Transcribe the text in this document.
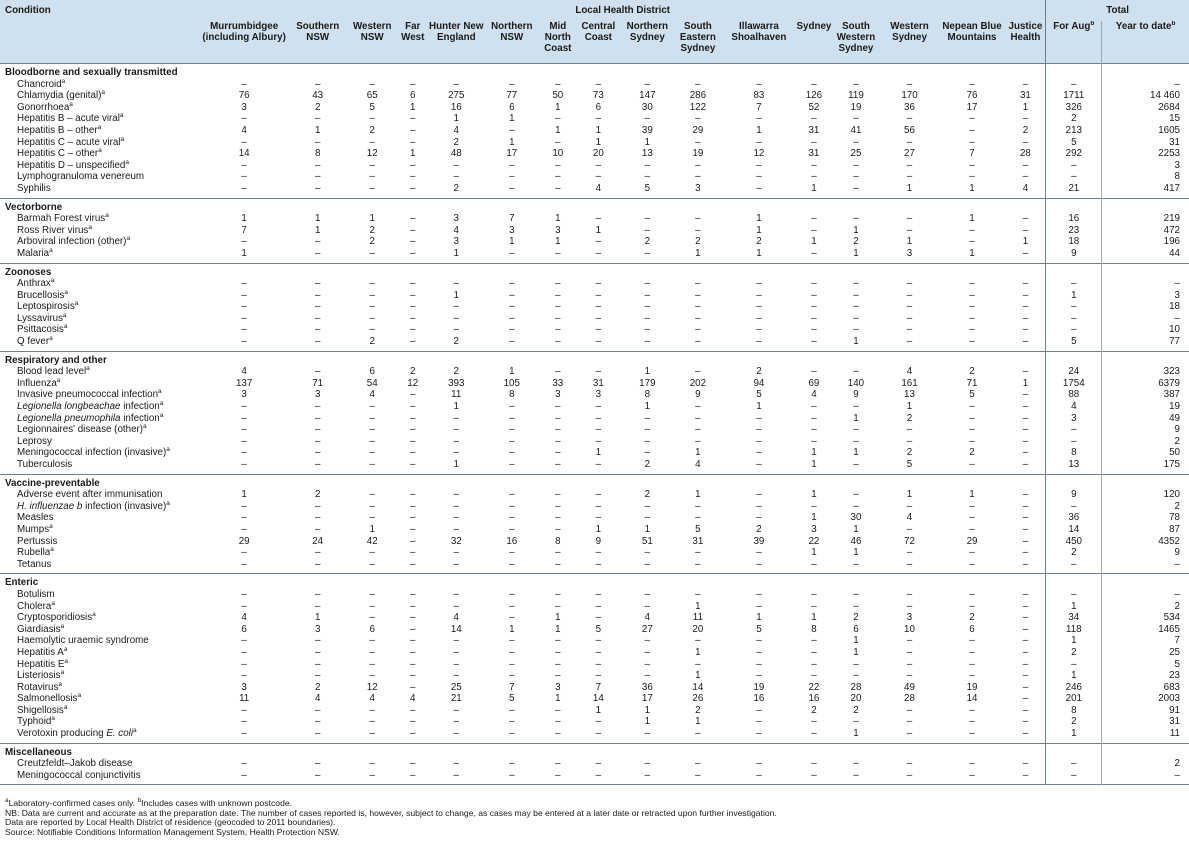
Condition	Local Health District																Total	
	Murrumbidgee (including Albury)	Southern NSW	Western NSW	Far West	Hunter New England	Northern NSW	Mid North Coast	Central Coast	Northern Sydney	South Eastern Sydney	Illawarra Shoalhaven	Sydney	South Western Sydney	Western Sydney	Nepean Blue Mountains	Justice Health	For Aug$^b$	Year to date$^b$
Bloodborne and sexually transmitted																		
Chancroid$^a$	–	–	–	–	–	–	–	–	–	–	–	–	–	–	–	–	–	–
Chlamydia (genital)$^a$	76	43	65	6	275	77	50	73	147	286	83	126	119	170	76	31	1711	14 460
Gonorrhoea$^a$	3	2	5	1	16	6	1	6	30	122	7	52	19	36	17	1	326	2684
Hepatitis B – acute viral$^a$	–	–	–	–	1	1	–	–	–	–	–	–	–	–	–	–	2	15
Hepatitis B – other$^a$	4	1	2	–	4	–	1	1	39	29	1	31	41	56	–	2	213	1605
Hepatitis C – acute viral$^a$	–	–	–	–	2	1	–	1	1	–	–	–	–	–	–	–	5	31
Hepatitis C – other$^a$	14	8	12	1	48	17	10	20	13	19	12	31	25	27	7	28	292	2253
Hepatitis D – unspecified$^a$	–	–	–	–	–	–	–	–	–	–	–	–	–	–	–	–	–	3
Lymphogranuloma venereum	–	–	–	–	–	–	–	–	–	–	–	–	–	–	–	–	–	8
Syphilis	–	–	–	–	2	–	–	4	5	3	–	1	–	1	1	4	21	417
Vectorborne																		
Barmah Forest virus$^a$	1	1	1	–	3	7	1	–	–	–	1	–	–	–	1	–	16	219
Ross River virus$^a$	7	1	2	–	4	3	3	1	–	–	1	–	1	–	–	–	23	472
Arboviral infection (other)$^a$	–	–	2	–	3	1	1	–	2	2	2	1	2	1	–	1	18	196
Malaria$^a$	1	–	–	–	1	–	–	–	–	1	1	–	1	3	1	–	9	44
Zoonoses																		
Anthrax$^a$	–	–	–	–	–	–	–	–	–	–	–	–	–	–	–	–	–	–
Brucellosis$^a$	–	–	–	–	1	–	–	–	–	–	–	–	–	–	–	–	1	3
Leptospirosis$^a$	–	–	–	–	–	–	–	–	–	–	–	–	–	–	–	–	–	18
Lyssavirus$^a$	–	–	–	–	–	–	–	–	–	–	–	–	–	–	–	–	–	–
Psittacosis$^a$	–	–	–	–	–	–	–	–	–	–	–	–	–	–	–	–	–	10
Q fever$^a$	–	–	2	–	2	–	–	–	–	–	–	–	1	–	–	–	5	77
Respiratory and other																		
Blood lead level$^a$	4	–	6	2	2	1	–	–	1	–	2	–	–	4	2	–	24	323
Influenza$^a$	137	71	54	12	393	105	33	31	179	202	94	69	140	161	71	1	1754	6379
Invasive pneumococcal infection$^a$	3	3	4	–	11	8	3	3	8	9	5	4	9	13	5	–	88	387
Legionella longbeachae infection$^a$	–	–	–	–	1	–	–	–	1	–	1	–	–	1	–	–	4	19
Legionella pneumophila infection$^a$	–	–	–	–	–	–	–	–	–	–	–	–	1	2	–	–	3	49
Legionnaires' disease (other)$^a$	–	–	–	–	–	–	–	–	–	–	–	–	–	–	–	–	–	9
Leprosy	–	–	–	–	–	–	–	–	–	–	–	–	–	–	–	–	–	2
Meningococcal infection (invasive)$^a$	–	–	–	–	–	–	–	1	–	1	–	1	1	2	2	–	8	50
Tuberculosis	–	–	–	–	1	–	–	–	2	4	–	1	–	5	–	–	13	175
Vaccine-preventable																		
Adverse event after immunisation	1	2	–	–	–	–	–	–	2	1	–	1	–	1	1	–	9	120
H. influenzae b infection (invasive)$^a$	–	–	–	–	–	–	–	–	–	–	–	–	–	–	–	–	–	2
Measles	–	–	–	–	–	–	–	–	–	–	–	1	30	4	–	–	36	78
Mumps$^a$	–	–	1	–	–	–	–	1	1	5	2	3	1	–	–	–	14	87
Pertussis	29	24	42	–	32	16	8	9	51	31	39	22	46	72	29	–	450	4352
Rubella$^a$	–	–	–	–	–	–	–	–	–	–	–	1	1	–	–	–	2	9
Tetanus	–	–	–	–	–	–	–	–	–	–	–	–	–	–	–	–	–	–
Enteric																		
Botulism	–	–	–	–	–	–	–	–	–	–	–	–	–	–	–	–	–	–
Cholera$^a$	–	–	–	–	–	–	–	–	–	1	–	–	–	–	–	–	1	2
Cryptosporidiosis$^a$	4	1	–	–	4	–	1	–	4	11	1	1	2	3	2	–	34	534
Giardiasis$^a$	6	3	6	–	14	1	1	5	27	20	5	8	6	10	6	–	118	1465
Haemolytic uraemic syndrome	–	–	–	–	–	–	–	–	–	–	–	–	1	–	–	–	1	7
Hepatitis $A^a$	–	–	–	–	–	–	–	–	–	1	–	–	1	–	–	–	2	25
Hepatitis $E^a$	–	–	–	–	–	–	–	–	–	–	–	–	–	–	–	–	–	5
Listeriosis$^a$	–	–	–	–	–	–	–	–	–	1	–	–	–	–	–	–	1	23
Rotavirus$^a$	3	2	12	–	25	7	3	7	36	14	19	22	28	49	19	–	246	683
Salmonellosis$^a$	11	4	4	4	21	5	1	14	17	26	16	16	20	28	14	–	201	2003
Shigellosis$^a$	–	–	–	–	–	–	–	1	1	2	–	2	2	–	–	–	8	91
Typhoid$^a$	–	–	–	–	–	–	–	–	1	1	–	–	–	–	–	–	2	31
Verotoxin producing E. coli$^a$	–	–	–	–	–	–	–	–	–	–	–	–	1	–	–	–	1	11
Miscellaneous																		
Creutzfeldt–Jakob disease	–	–	–	–	–	–	–	–	–	–	–	–	–	–	–	–	–	2
Meningococcal conjunctivitis	–	–	–	–	–	–	–	–	–	–	–	–	–	–	–	–	–	–
$^a$Laboratory-confirmed cases only. $^b$Includes cases with unknown postcode.
NB: Data are current and accurate as at the preparation date. The number of cases reported is, however, subject to change, as cases may be entered at a later date or retracted upon further investigation.
Data are reported by Local Health District of residence (geocoded to 2011 boundaries).
Source: Notifiable Conditions Information Management System, Health Protection NSW.
